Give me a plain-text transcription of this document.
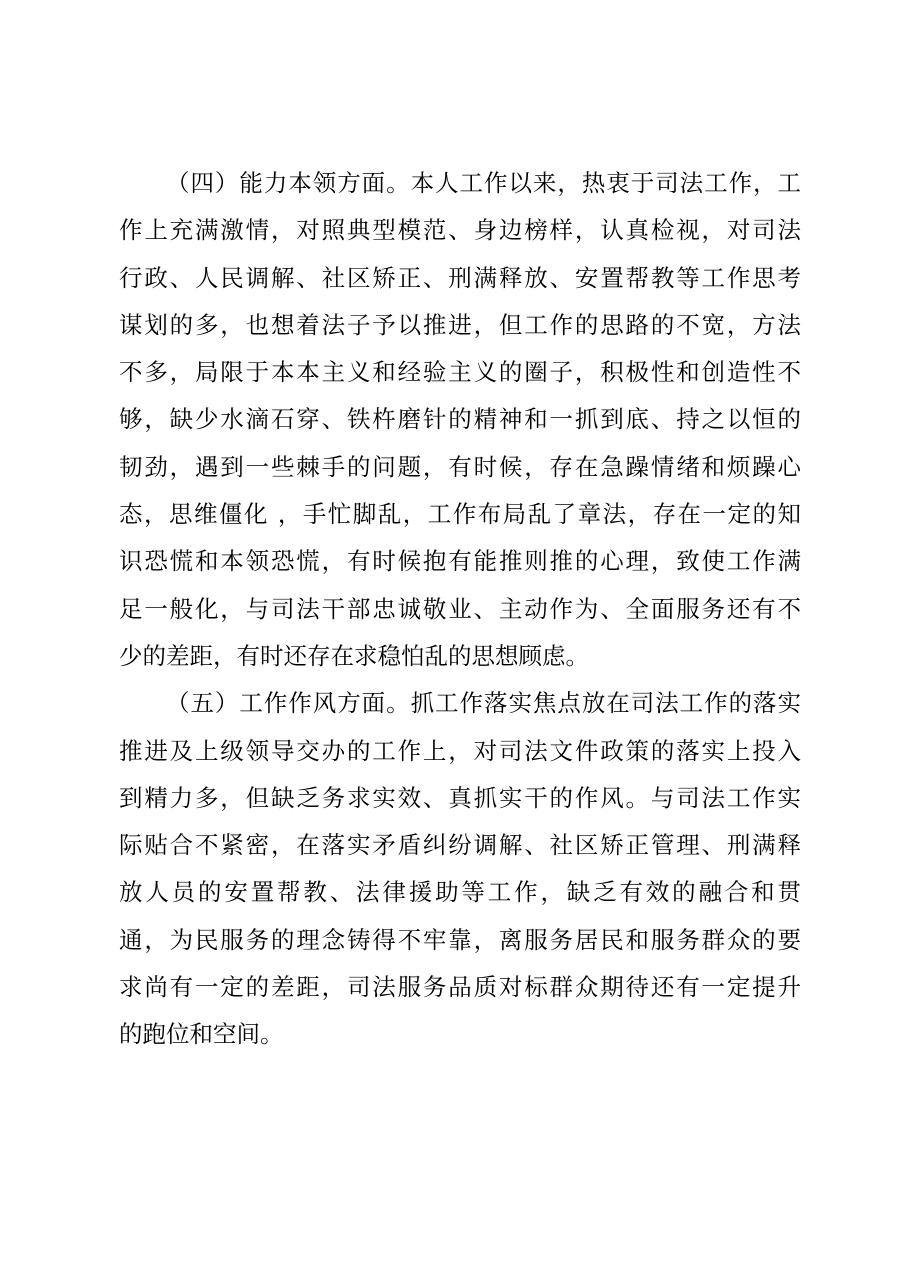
（四）能力本领方面。本人工作以来，热衷于司法工作，工
作上充满激情，对照典型模范、身边榜样，认真检视，对司法
行政、人民调解、社区矫正、刑满释放、安置帮教等工作思考
谋划的多，也想着法子予以推进，但工作的思路的不宽，方法
不多，局限于本本主义和经验主义的圈子，积极性和创造性不
够，缺少水滴石穿、铁杵磨针的精神和一抓到底、持之以恒的
韧劲，遇到一些棘手的问题，有时候，存在急躁情绪和烦躁心
态，思维僵化 ，手忙脚乱，工作布局乱了章法，存在一定的知
识恐慌和本领恐慌，有时候抱有能推则推的心理，致使工作满
足一般化，与司法干部忠诚敬业、主动作为、全面服务还有不
少的差距，有时还存在求稳怕乱的思想顾虑。
（五）工作作风方面。抓工作落实焦点放在司法工作的落实
推进及上级领导交办的工作上，对司法文件政策的落实上投入
到精力多，但缺乏务求实效、真抓实干的作风。与司法工作实
际贴合不紧密，在落实矛盾纠纷调解、社区矫正管理、刑满释
放人员的安置帮教、法律援助等工作，缺乏有效的融合和贯
通，为民服务的理念铸得不牢靠，离服务居民和服务群众的要
求尚有一定的差距，司法服务品质对标群众期待还有一定提升
的跑位和空间。
